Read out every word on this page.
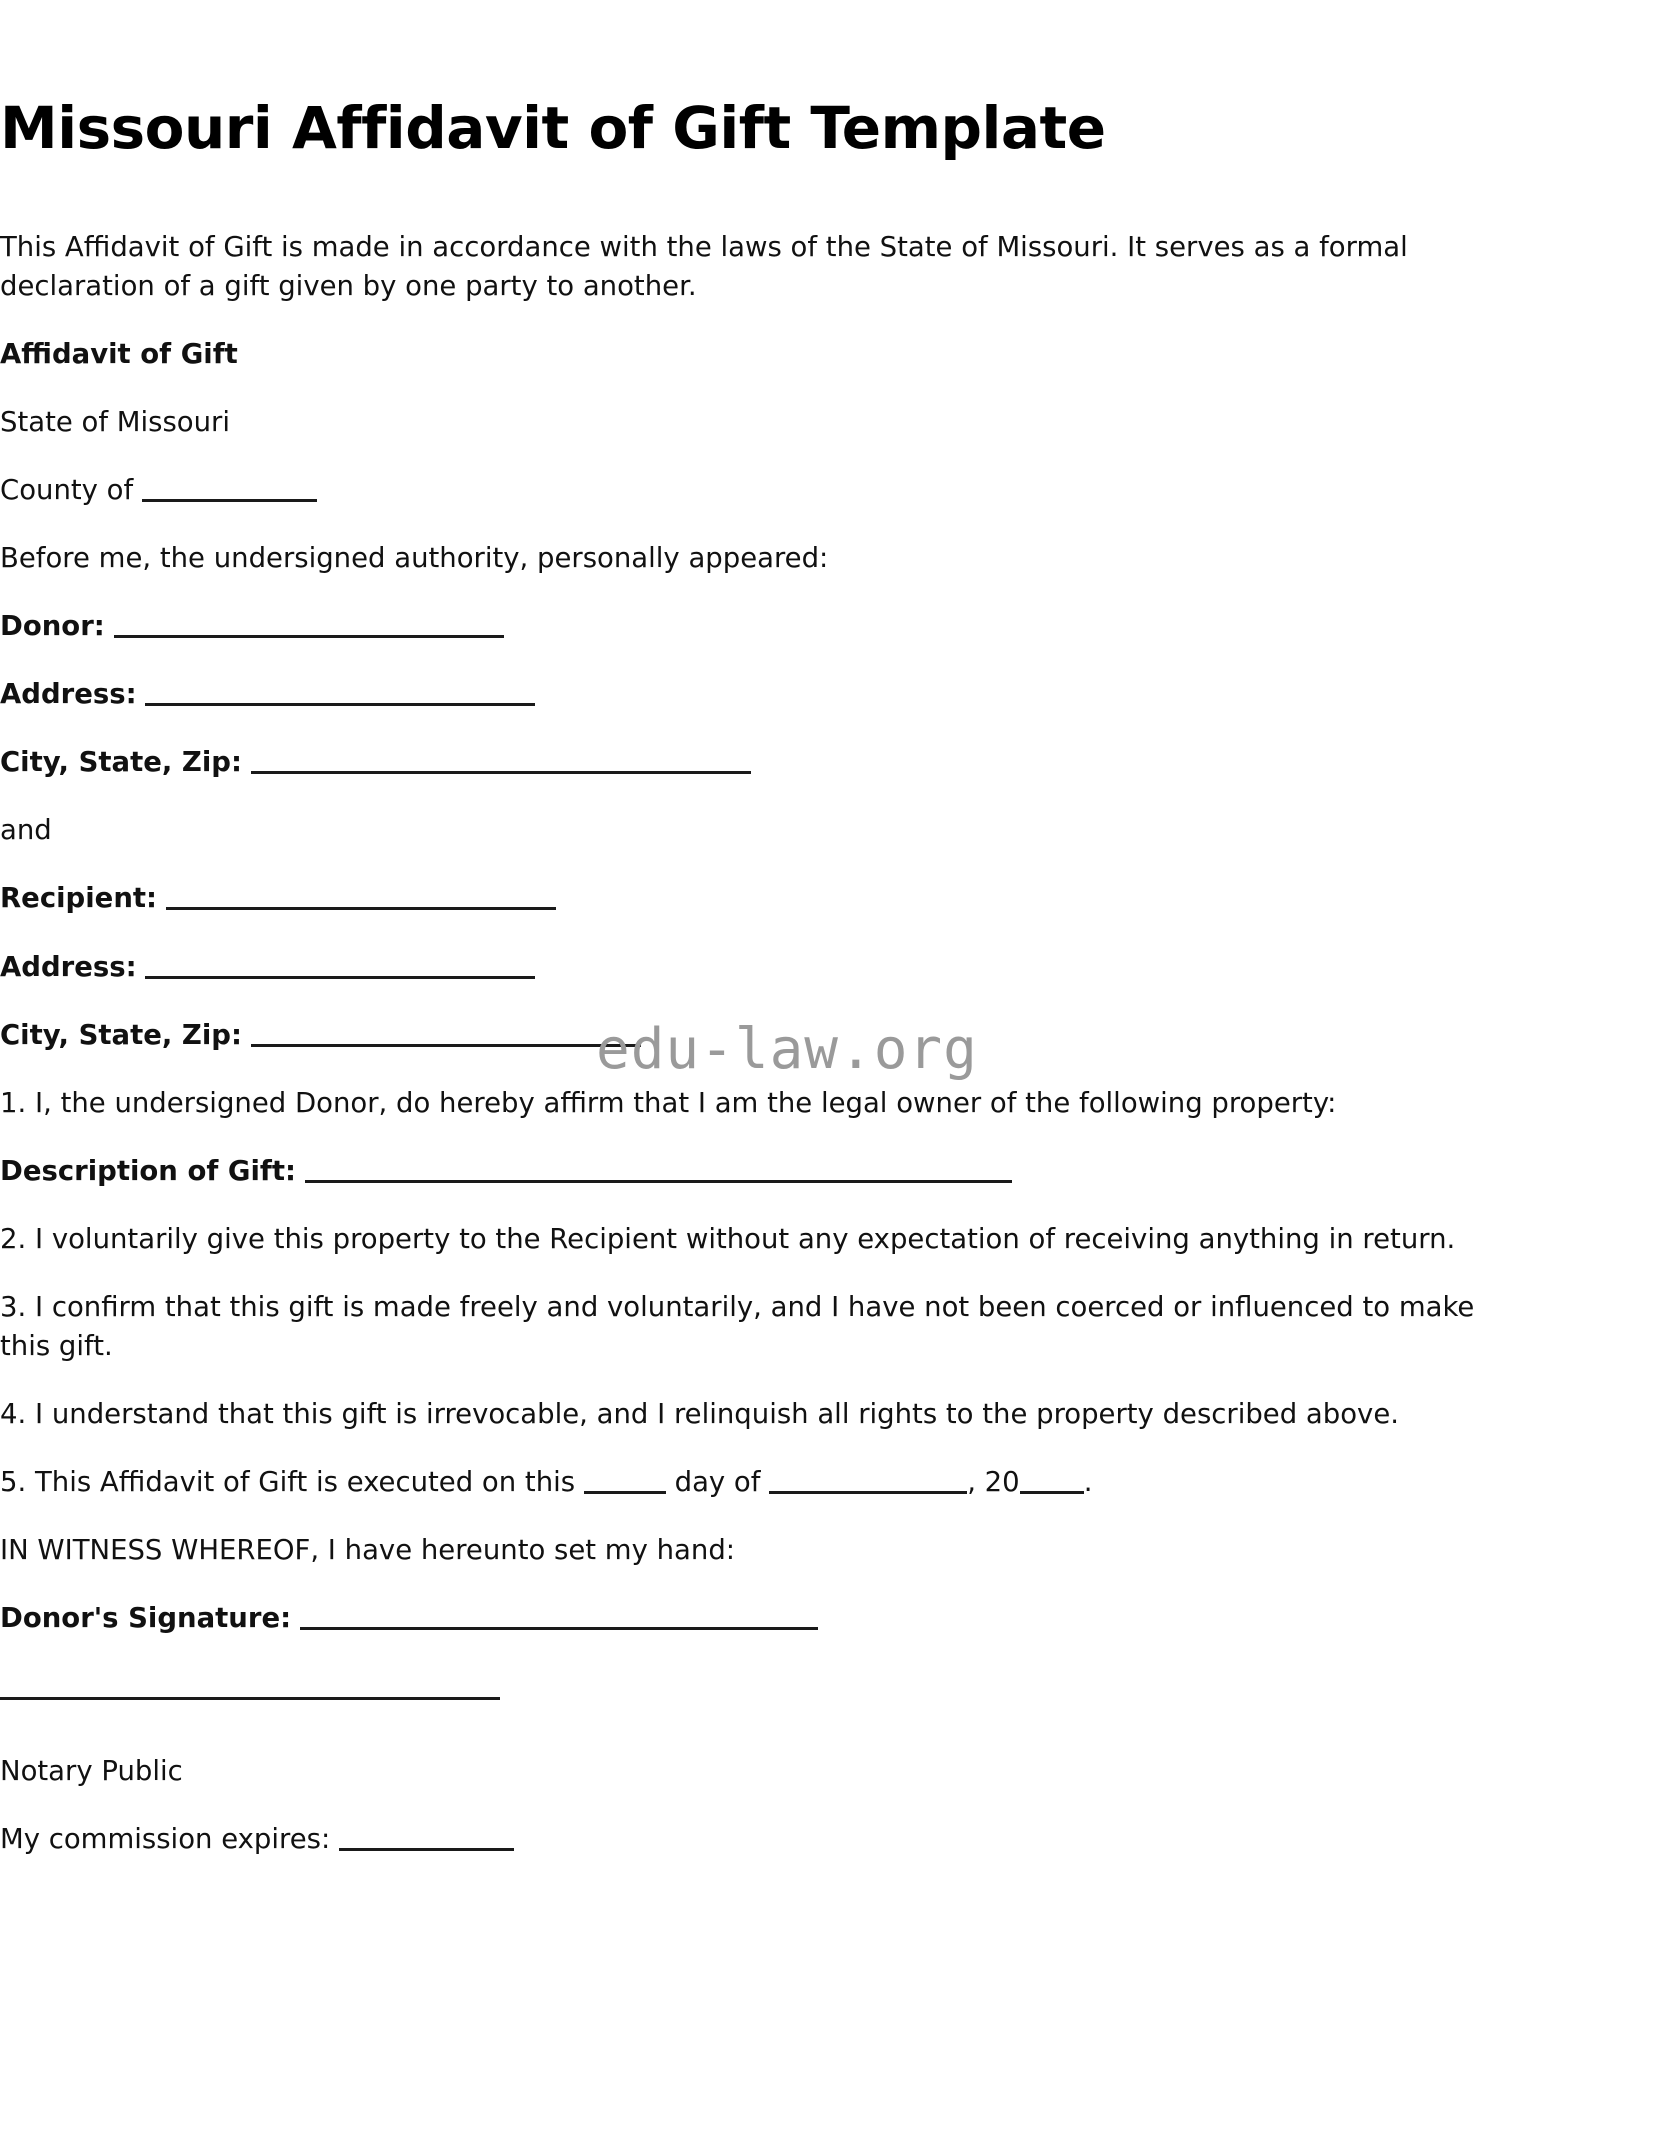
Missouri Affidavit of Gift Template

This Affidavit of Gift is made in accordance with the laws of the State of Missouri. It serves as a formal declaration of a gift given by one party to another.

Affidavit of Gift

State of Missouri

County of

Before me, the undersigned authority, personally appeared:

Donor:

Address:

City, State, Zip:

and

Recipient:

Address:

City, State, Zip:

1. I, the undersigned Donor, do hereby affirm that I am the legal owner of the following property:

Description of Gift:

2. I voluntarily give this property to the Recipient without any expectation of receiving anything in return.

3. I confirm that this gift is made freely and voluntarily, and I have not been coerced or influenced to make this gift.

4. I understand that this gift is irrevocable, and I relinquish all rights to the property described above.

5. This Affidavit of Gift is executed on this	day of	, 20 .

IN WITNESS WHEREOF, I have hereunto set my hand:

Donor's Signature:

Notary Public

My commission expires:

edu-law.org
